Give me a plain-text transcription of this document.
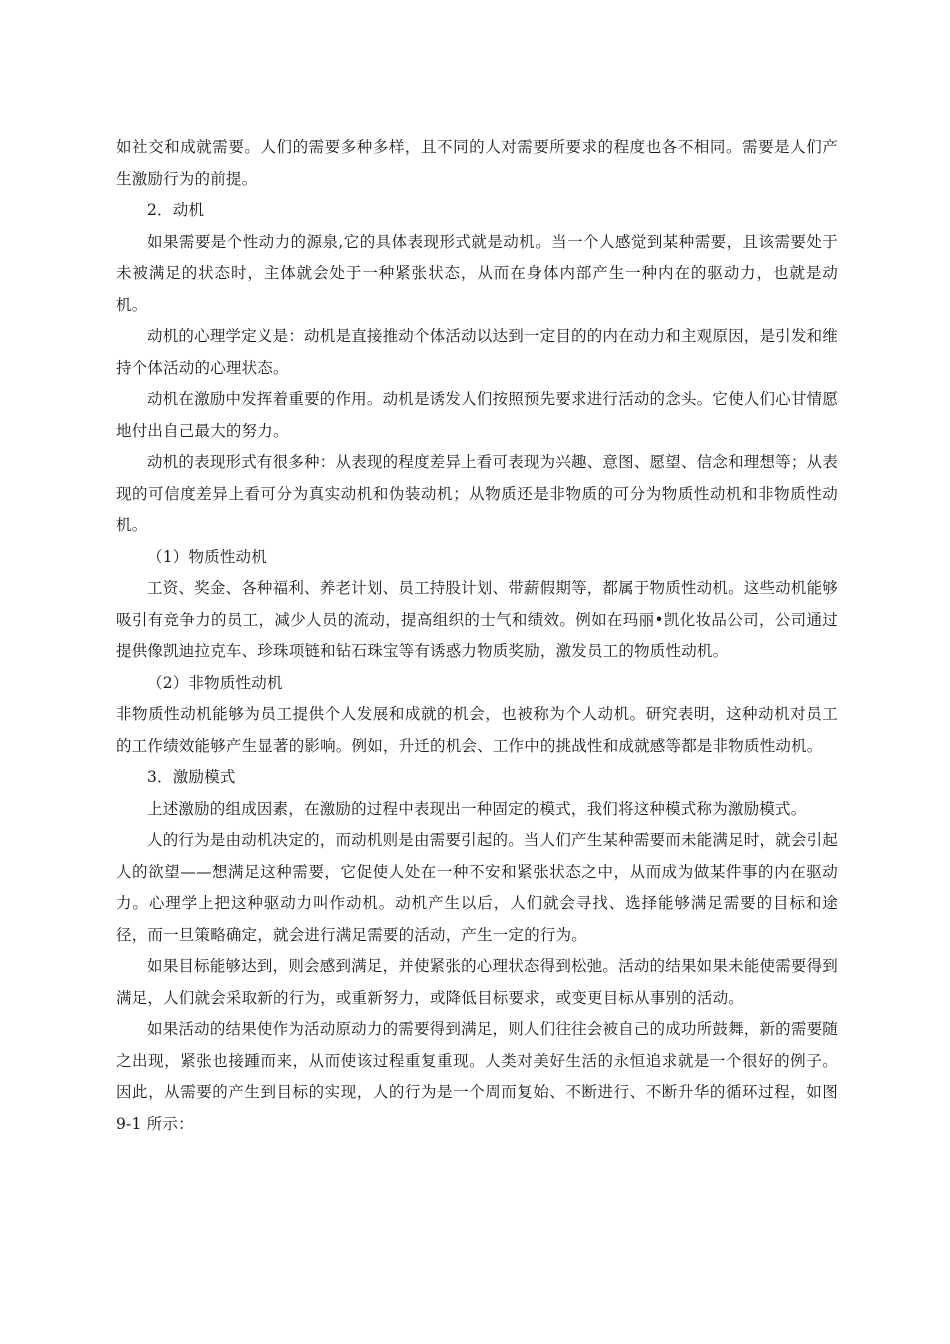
如社交和成就需要。人们的需要多种多样，且不同的人对需要所要求的程度也各不相同。需要是人们产生激励行为的前提。

2．动机

如果需要是个性动力的源泉,它的具体表现形式就是动机。当一个人感觉到某种需要，且该需要处于未被满足的状态时，主体就会处于一种紧张状态，从而在身体内部产生一种内在的驱动力，也就是动机。

动机的心理学定义是：动机是直接推动个体活动以达到一定目的的内在动力和主观原因，是引发和维持个体活动的心理状态。

动机在激励中发挥着重要的作用。动机是诱发人们按照预先要求进行活动的念头。它使人们心甘情愿地付出自己最大的努力。

动机的表现形式有很多种：从表现的程度差异上看可表现为兴趣、意图、愿望、信念和理想等；从表现的可信度差异上看可分为真实动机和伪装动机；从物质还是非物质的可分为物质性动机和非物质性动机。

（1）物质性动机

工资、奖金、各种福利、养老计划、员工持股计划、带薪假期等，都属于物质性动机。这些动机能够吸引有竞争力的员工，减少人员的流动，提高组织的士气和绩效。例如在玛丽•凯化妆品公司，公司通过提供像凯迪拉克车、珍珠项链和钻石珠宝等有诱惑力物质奖励，激发员工的物质性动机。

（2）非物质性动机

非物质性动机能够为员工提供个人发展和成就的机会，也被称为个人动机。研究表明，这种动机对员工的工作绩效能够产生显著的影响。例如，升迁的机会、工作中的挑战性和成就感等都是非物质性动机。

3．激励模式

上述激励的组成因素，在激励的过程中表现出一种固定的模式，我们将这种模式称为激励模式。

人的行为是由动机决定的，而动机则是由需要引起的。当人们产生某种需要而未能满足时，就会引起人的欲望——想满足这种需要，它促使人处在一种不安和紧张状态之中，从而成为做某件事的内在驱动力。心理学上把这种驱动力叫作动机。动机产生以后，人们就会寻找、选择能够满足需要的目标和途径，而一旦策略确定，就会进行满足需要的活动，产生一定的行为。

如果目标能够达到，则会感到满足，并使紧张的心理状态得到松弛。活动的结果如果未能使需要得到满足，人们就会采取新的行为，或重新努力，或降低目标要求，或变更目标从事别的活动。

如果活动的结果使作为活动原动力的需要得到满足，则人们往往会被自己的成功所鼓舞，新的需要随之出现，紧张也接踵而来，从而使该过程重复重现。人类对美好生活的永恒追求就是一个很好的例子。因此，从需要的产生到目标的实现，人的行为是一个周而复始、不断进行、不断升华的循环过程，如图 9-1 所示：
